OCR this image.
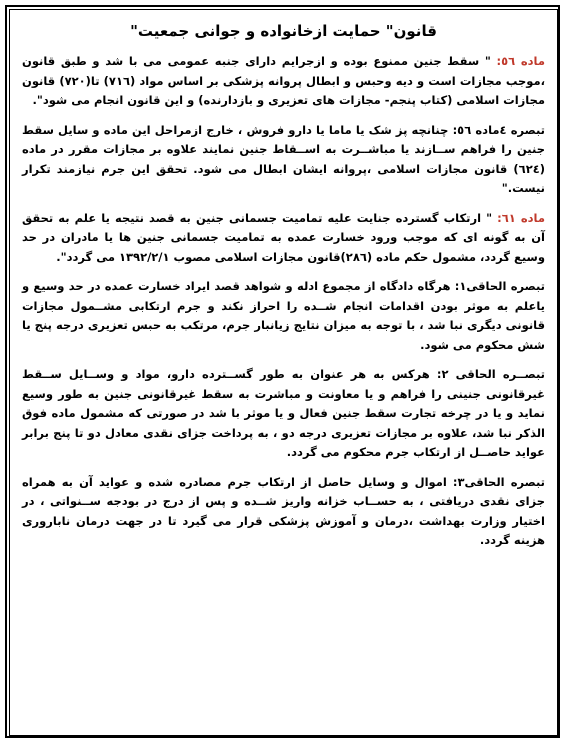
قانون" حمایت ازخانواده و جوانی جمعیت"

ماده ٥٦: " سقط جنین ممنوع بوده و ازجرایم دارای جنبه عمومی می با شد و طبق قانون ،موجب مجازات است و دیه وحبس و ابطال پروانه پزشکی بر اساس مواد (٧١٦) تا(٧٢٠) قانون مجازات اسلامی (کتاب پنجم- مجازات های تعزیری و بازدارنده) و این قانون انجام می شود".

تبصره ٤ماده ٥٦: چنانچه پز شک یا ماما یا دارو فروش ، خارج ازمراحل این ماده و سایل سقط جنین را فراهم ســازند یا مباشــرت به اســقاط جنین نمایند علاوه بر مجازات مقرر در ماده (٦٢٤) قانون مجازات اسلامی ،پروانه ایشان ابطال می شود. تحقق این جرم نیازمند تکرار نیست."

ماده ٦١: " ارتکاب گسترده جنایت علیه تمامیت جسمانی جنین به قصد نتیجه یا علم به تحقق آن به گونه ای که موجب ورود خسارت عمده به تمامیت جسمانی جنین ها یا مادران در حد وسیع گردد، مشمول حکم ماده (٢٨٦)قانون مجازات اسلامی مصوب ١٣٩٢/٢/١ می گردد".

تبصره الحاقی١: هرگاه دادگاه از مجموع ادله و شواهد قصد ایراد خسارت عمده در حد وسیع و یاعلم به موثر بودن اقدامات انجام شــده را احراز نکند و جرم ارتکابی مشــمول مجازات قانونی دیگری نبا شد ، با توجه به میزان نتایج زیانبار جرم، مرتکب به حبس تعزیری درجه پنج یا شش محکوم می شود.

تبصــره الحاقی ٢: هرکس به هر عنوان به طور گســترده دارو، مواد و وســایل ســقط غیرقانونی جنینی را فراهم و یا معاونت و مباشرت به سقط غیرقانونی جنین به طور وسیع نماید و یا در چرخه تجارت سقط جنین فعال و یا موثر با شد در صورتی که مشمول ماده فوق الذکر نبا شد، علاوه بر مجازات تعزیری درجه دو ، به پرداخت جزای نقدی معادل دو تا پنج برابر عواید حاصــل از ارتکاب جرم محکوم می گردد.

تبصره الحاقی٣: اموال و وسایل حاصل از ارتکاب جرم مصادره شده و عواید آن به همراه جزای نقدی دریافتی ، به حســاب خزانه واریز شــده و پس از درج در بودجه ســنواتی ، در اختیار وزارت بهداشت ،درمان و آموزش پزشکی قرار می گیرد تا در جهت درمان ناباروری هزینه گردد.
